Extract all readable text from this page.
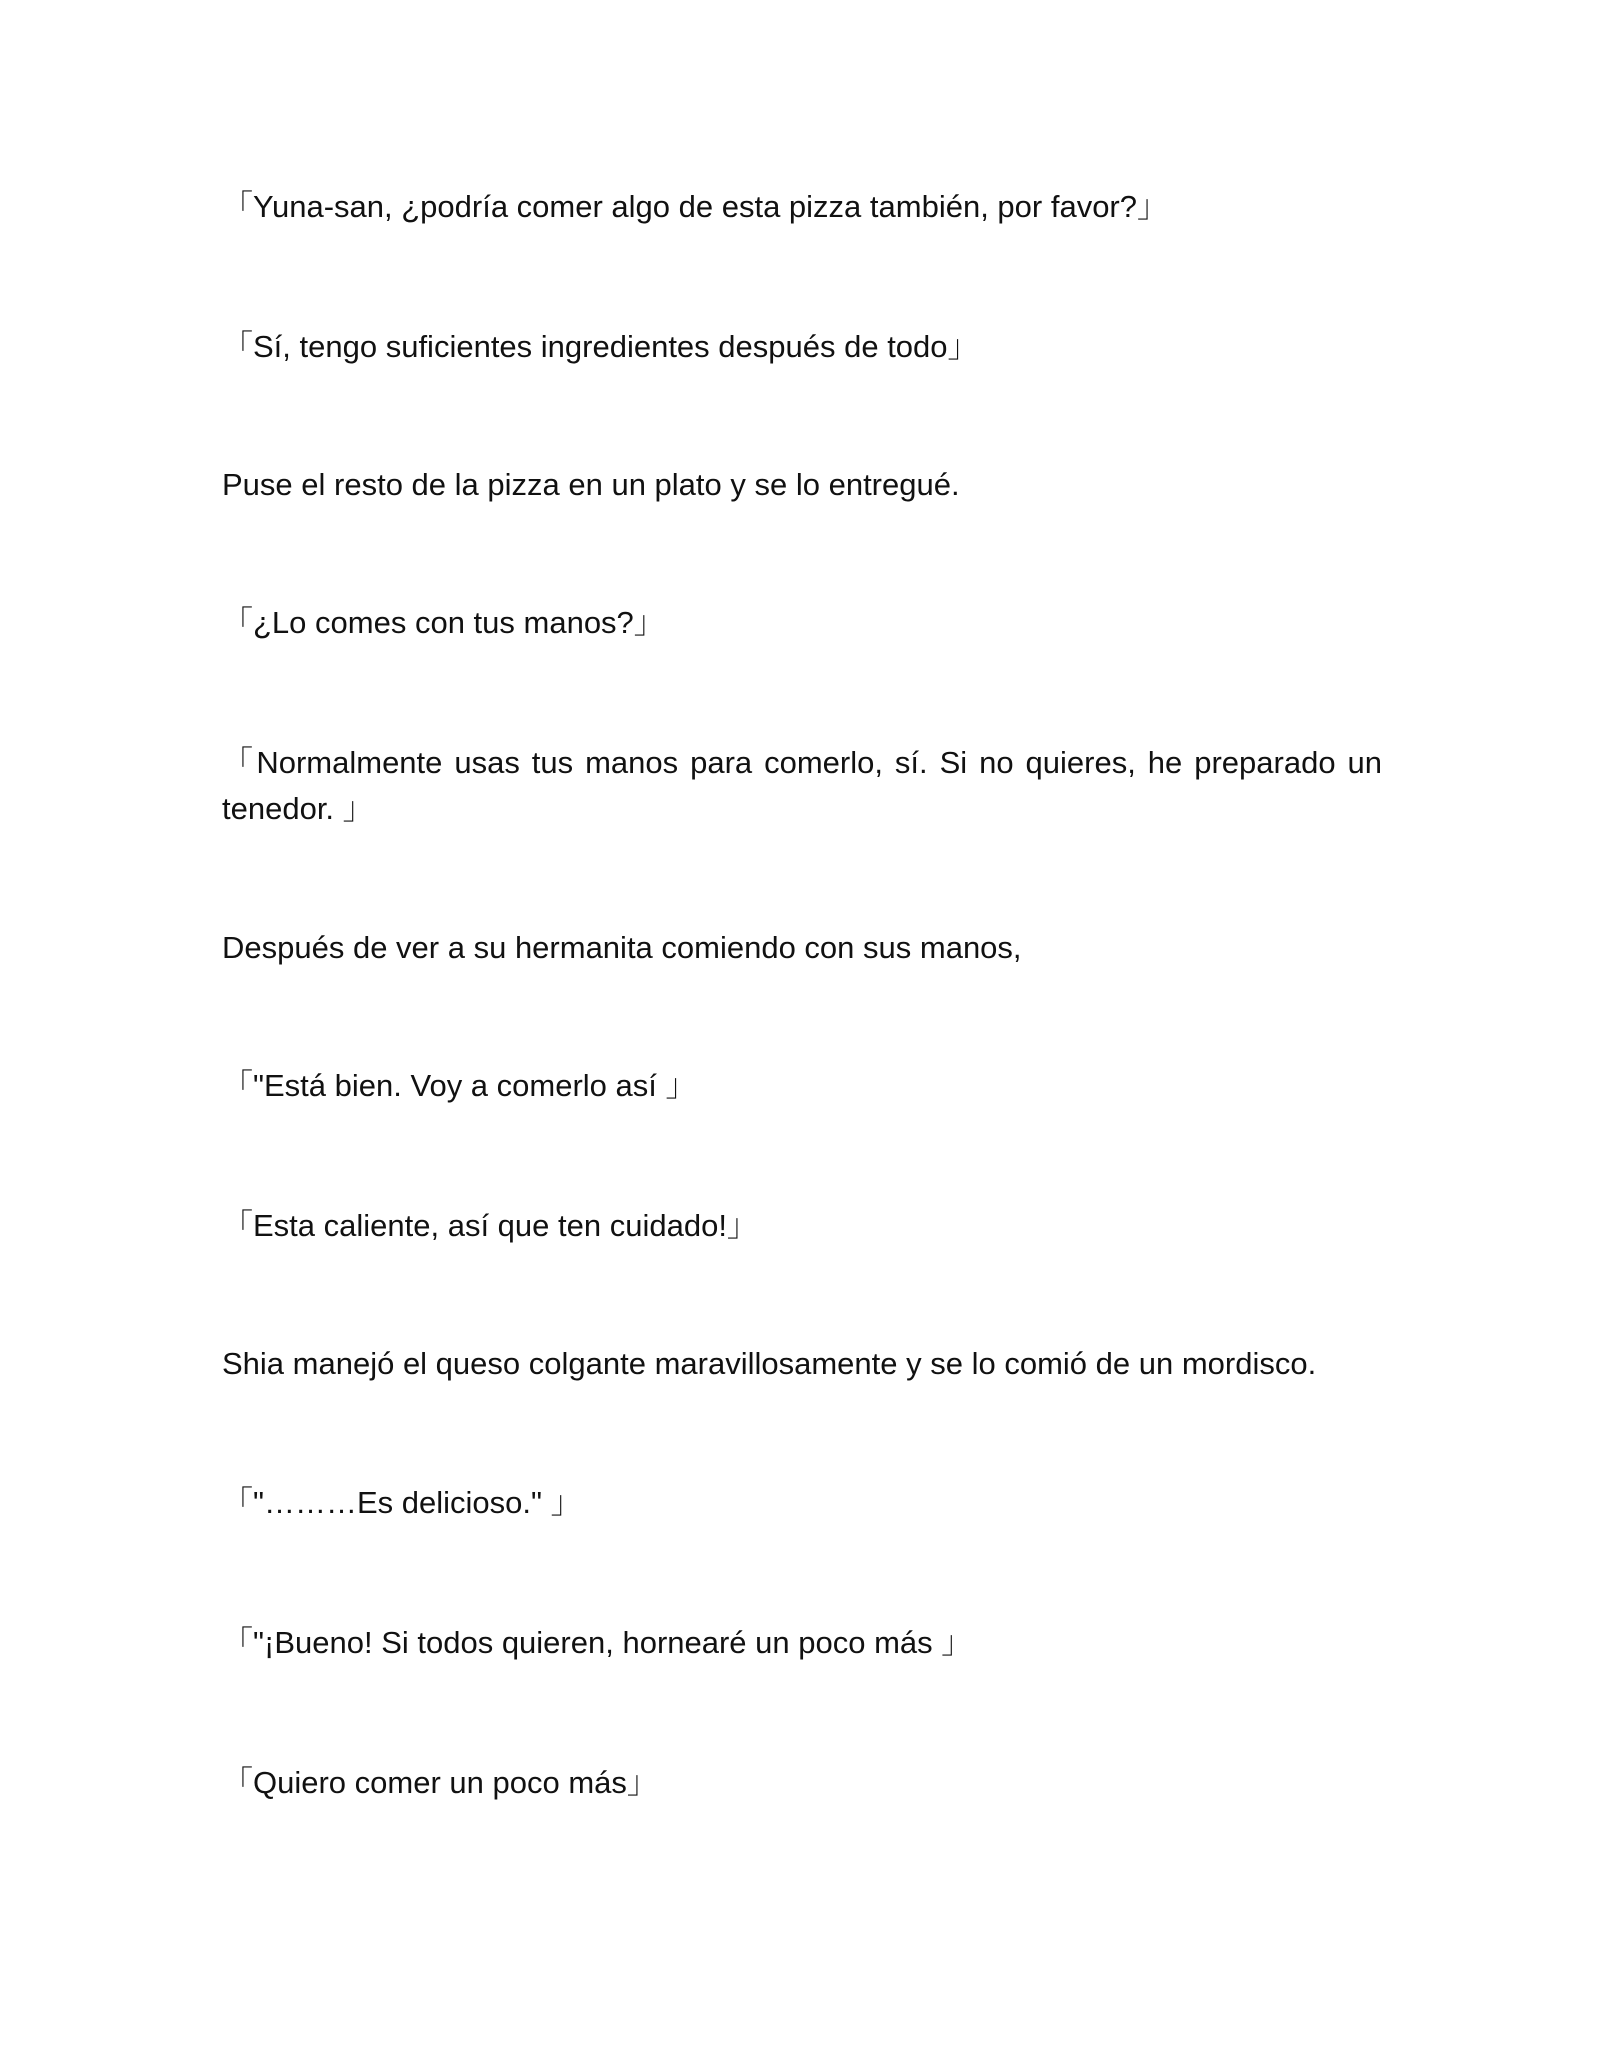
「Yuna-san, ¿podría comer algo de esta pizza también, por favor?」
「Sí, tengo suficientes ingredientes después de todo」
Puse el resto de la pizza en un plato y se lo entregué.
「¿Lo comes con tus manos?」
「Normalmente usas tus manos para comerlo, sí. Si no quieres, he preparado un tenedor. 」
Después de ver a su hermanita comiendo con sus manos,
「"Está bien. Voy a comerlo así 」
「Esta caliente, así que ten cuidado!」
Shia manejó el queso colgante maravillosamente y se lo comió de un mordisco.
「"………Es delicioso." 」
「"¡Bueno! Si todos quieren, hornearé un poco más 」
「Quiero comer un poco más」
